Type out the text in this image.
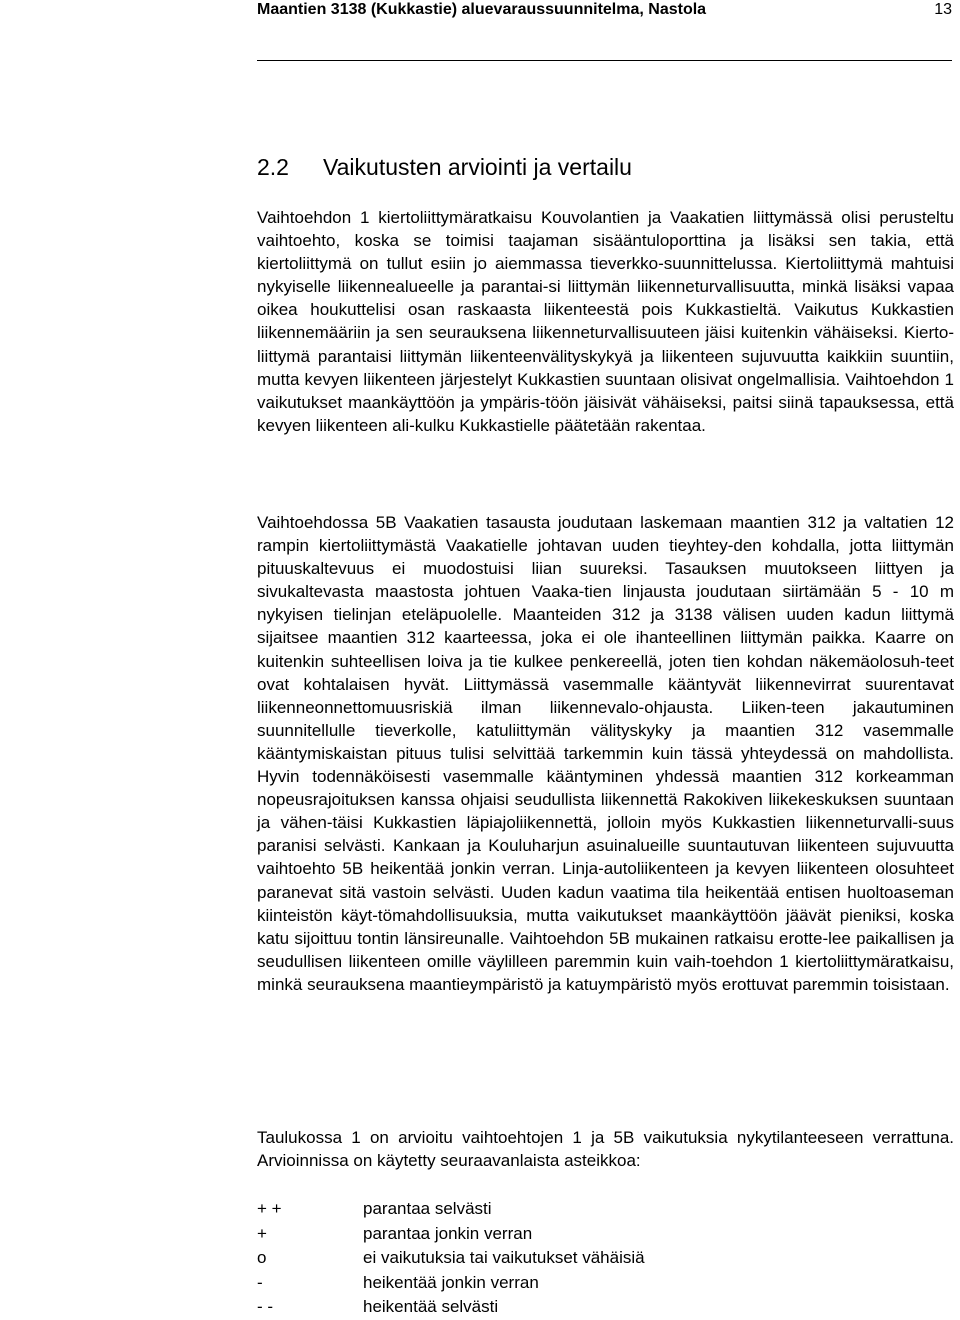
Maantien 3138 (Kukkastie) aluevaraussuunnitelma, Nastola	13
2.2 Vaikutusten arviointi ja vertailu

Vaihtoehdon 1 kiertoliittymäratkaisu Kouvolantien ja Vaakatien liittymässä olisi perusteltu vaihtoehto, koska se toimisi taajaman sisääntuloporttina ja lisäksi sen takia, että kiertoliittymä on tullut esiin jo aiemmassa tieverkko-suunnittelussa. Kiertoliittymä mahtuisi nykyiselle liikennealueelle ja parantai-si liittymän liikenneturvallisuutta, minkä lisäksi vapaa oikea houkuttelisi osan raskaasta liikenteestä pois Kukkastieltä. Vaikutus Kukkastien liikennemääriin ja sen seurauksena liikenneturvallisuuteen jäisi kuitenkin vähäiseksi. Kierto-liittymä parantaisi liittymän liikenteenvälityskykyä ja liikenteen sujuvuutta kaikkiin suuntiin, mutta kevyen liikenteen järjestelyt Kukkastien suuntaan olisivat ongelmallisia. Vaihtoehdon 1 vaikutukset maankäyttöön ja ympäris-töön jäisivät vähäiseksi, paitsi siinä tapauksessa, että kevyen liikenteen ali-kulku Kukkastielle päätetään rakentaa.

Vaihtoehdossa 5B Vaakatien tasausta joudutaan laskemaan maantien 312 ja valtatien 12 rampin kiertoliittymästä Vaakatielle johtavan uuden tieyhtey-den kohdalla, jotta liittymän pituuskaltevuus ei muodostuisi liian suureksi. Tasauksen muutokseen liittyen ja sivukaltevasta maastosta johtuen Vaaka-tien linjausta joudutaan siirtämään 5 - 10 m nykyisen tielinjan eteläpuolelle. Maanteiden 312 ja 3138 välisen uuden kadun liittymä sijaitsee maantien 312 kaarteessa, joka ei ole ihanteellinen liittymän paikka. Kaarre on kuitenkin suhteellisen loiva ja tie kulkee penkereellä, joten tien kohdan näkemäolosuh-teet ovat kohtalaisen hyvät. Liittymässä vasemmalle kääntyvät liikennevirrat suurentavat liikenneonnettomuusriskiä ilman liikennevalo-ohjausta. Liiken-teen jakautuminen suunnitellulle tieverkolle, katuliittymän välityskyky ja maantien 312 vasemmalle kääntymiskaistan pituus tulisi selvittää tarkemmin kuin tässä yhteydessä on mahdollista. Hyvin todennäköisesti vasemmalle kääntyminen yhdessä maantien 312 korkeamman nopeusrajoituksen kanssa ohjaisi seudullista liikennettä Rakokiven liikekeskuksen suuntaan ja vähen-täisi Kukkastien läpiajoliikennettä, jolloin myös Kukkastien liikenneturvalli-suus paranisi selvästi. Kankaan ja Kouluharjun asuinalueille suuntautuvan liikenteen sujuvuutta vaihtoehto 5B heikentää jonkin verran. Linja-autoliikenteen ja kevyen liikenteen olosuhteet paranevat sitä vastoin selvästi. Uuden kadun vaatima tila heikentää entisen huoltoaseman kiinteistön käyt-tömahdollisuuksia, mutta vaikutukset maankäyttöön jäävät pieniksi, koska katu sijoittuu tontin länsireunalle. Vaihtoehdon 5B mukainen ratkaisu erotte-lee paikallisen ja seudullisen liikenteen omille väylilleen paremmin kuin vaih-toehdon 1 kiertoliittymäratkaisu, minkä seurauksena maantieympäristö ja katuympäristö myös erottuvat paremmin toisistaan.

Taulukossa 1 on arvioitu vaihtoehtojen 1 ja 5B vaikutuksia nykytilanteeseen verrattuna. Arvioinnissa on käytetty seuraavanlaista asteikkoa:

+ +	parantaa selvästi
+	parantaa jonkin verran
o	ei vaikutuksia tai vaikutukset vähäisiä
-	heikentää jonkin verran
- -	heikentää selvästi
